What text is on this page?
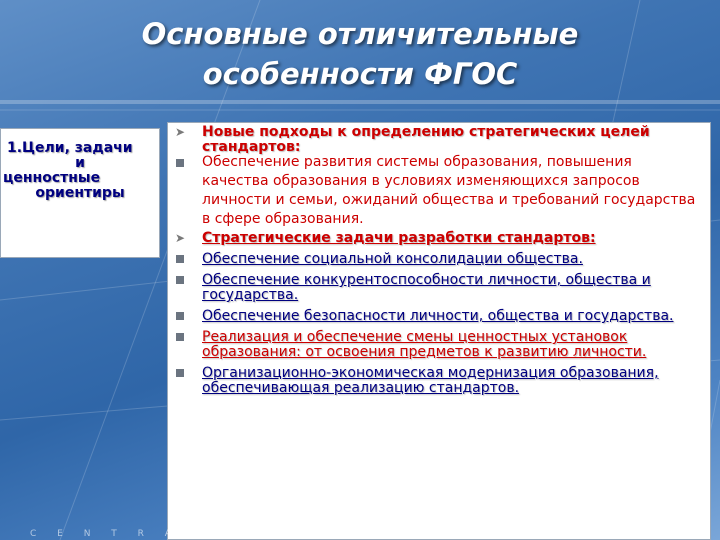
Основные отличительные
особенности ФГОС
1.Цели, задачи
и
ценностные
ориентиры
➤ Новые подходы к определению стратегических целей стандартов:
Обеспечение развития системы образования, повышения качества образования в условиях изменяющихся запросов личности и семьи, ожиданий общества и требований государства в сфере образования.
➤ Стратегические задачи разработки стандартов:
Обеспечение социальной консолидации общества.
Обеспечение конкурентоспособности личности, общества и государства.
Обеспечение безопасности личности, общества и государства.
Реализация и обеспечение смены ценностных установок образования: от освоения предметов к развитию личности.
Организационно-экономическая модернизация образования, обеспечивающая реализацию стандартов.
C E N T R A L B U S I N
